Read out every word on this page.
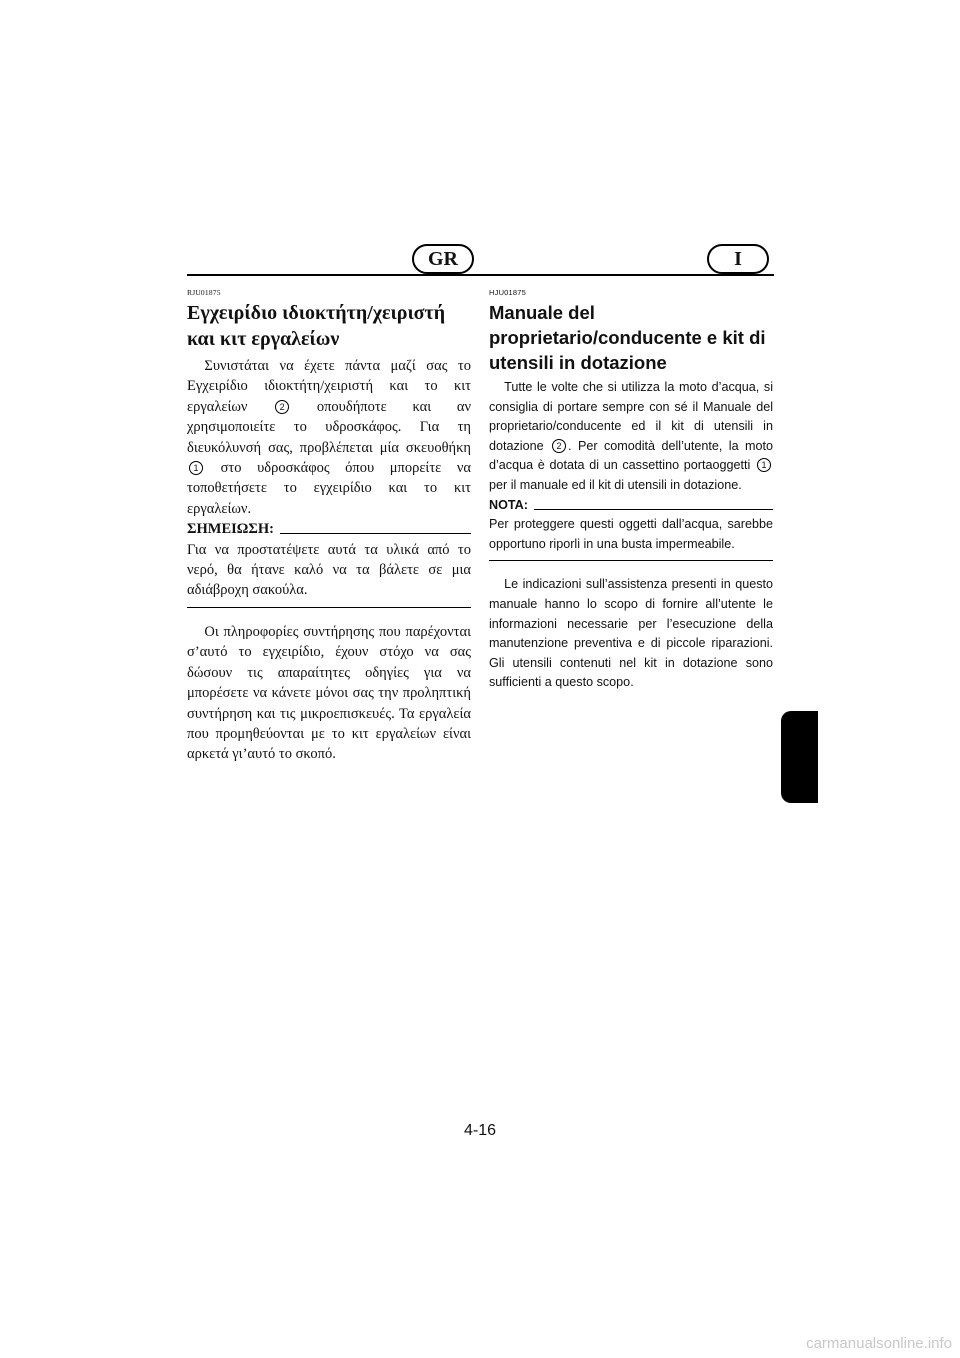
GR	I
RJU01875
Εγχειρίδιο ιδιοκτήτη/χειριστή και κιτ εργαλείων

Συνιστάται να έχετε πάντα μαζί σας το Εγχειρίδιο ιδιοκτήτη/χειριστή και το κιτ εργαλείων	2 οπουδήποτε και αν χρησιμοποιείτε το υδροσκάφος. Για τη διευκόλυνσή σας, προβλέπεται μία σκευοθήκη 1 στο υδροσκάφος όπου μπορείτε να τοποθετήσετε το εγχειρίδιο και το κιτ εργαλείων.

ΣΗΜΕΙΩΣΗ:

Για να προστατέψετε αυτά τα υλικά από το νερό, θα ήτανε καλό να τα βάλετε σε μια αδιάβροχη σακούλα.

Οι πληροφορίες συντήρησης που παρέχονται σ’αυτό το εγχειρίδιο, έχουν στόχο να σας δώσουν τις απαραίτητες οδηγίες για να μπορέσετε να κάνετε μόνοι σας την προληπτική συντήρηση και τις μικροεπισκευές. Τα εργαλεία που προμηθεύονται με το κιτ εργαλείων είναι αρκετά γι’αυτό το σκοπό.

HJU01875
Manuale del proprietario/conducente e kit di utensili in dotazione

Tutte le volte che si utilizza la moto d’acqua, si consiglia di portare sempre con sé il Manuale del proprietario/conducente ed il kit di utensili in dotazione 2 . Per comodità dell’utente, la moto d’acqua è dotata di un cassettino portaoggetti 1 per il manuale ed il kit di utensili in dotazione.

NOTA:

Per proteggere questi oggetti dall’acqua, sarebbe opportuno riporli in una busta impermeabile.

Le indicazioni sull’assistenza presenti in questo manuale hanno lo scopo di fornire all’utente le informazioni necessarie per l’esecuzione della manutenzione preventiva e di piccole riparazioni. Gli utensili contenuti nel kit in dotazione sono sufficienti a questo scopo.

4-16
carmanualsonline.info
